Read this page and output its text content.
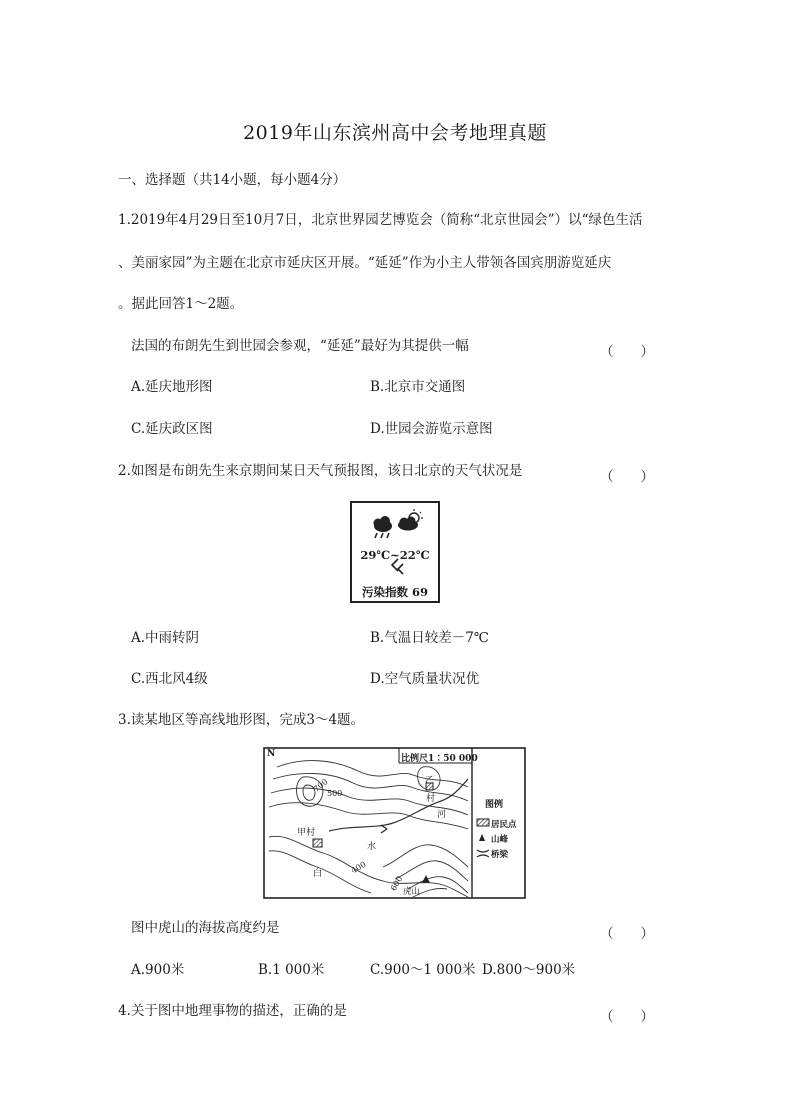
2019年山东滨州高中会考地理真题
一、选择题（共14小题，每小题4分）
1.2019年4月29日至10月7日，北京世界园艺博览会（简称“北京世园会”）以“绿色生活
、美丽家园”为主题在北京市延庆区开展。“延延”作为小主人带领各国宾朋游览延庆
。据此回答1～2题。
法国的布朗先生到世园会参观，“延延”最好为其提供一幅	（　　）
A.延庆地形图	B.北京市交通图
C.延庆政区图	D.世园会游览示意图
2.如图是布朗先生来京期间某日天气预报图，该日北京的天气状况是	（　　）
29℃~22℃
污染指数 69
A.中雨转阴	B.气温日较差－7℃
C.西北风4级	D.空气质量状况优
3.读某地区等高线地形图，完成3～4题。
N	比例尺1∶50 000
图例
居民点
山峰
桥梁
700
500
400
600
甲村
乙
村
河
水
白
虎山
图中虎山的海拔高度约是	（　　）
A.900米	B.1 000米	C.900～1 000米 D.800～900米
4.关于图中地理事物的描述，正确的是	（　　）
